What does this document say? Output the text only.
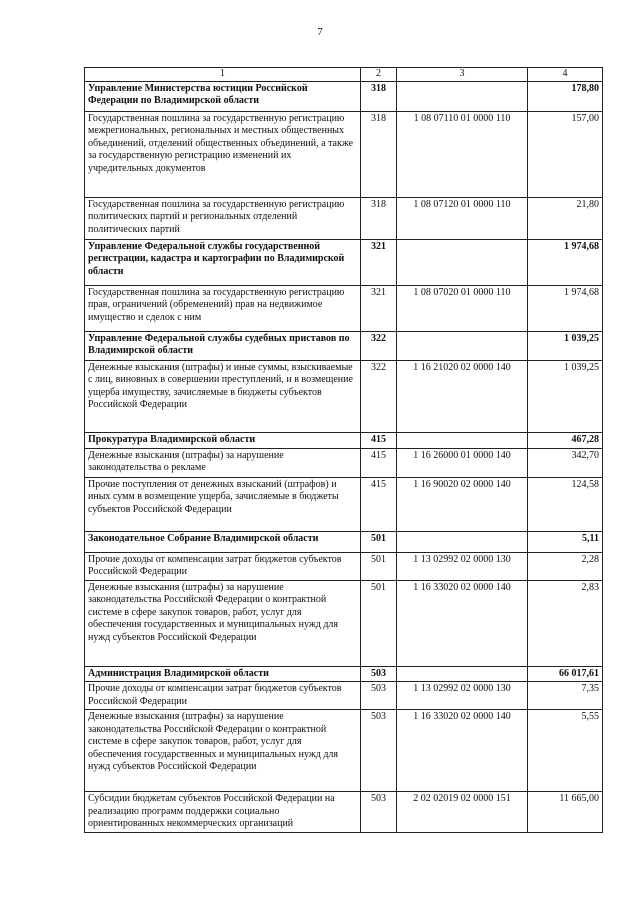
7
1	2	3	4
Управление Министерства юстиции Российской Федерации по Владимирской области	318		178,80
Государственная пошлина за государственную регистрацию межрегиональных, региональных и местных общественных объединений, отделений общественных объединений, а также за государственную регистрацию изменений их учредительных документов	318	1 08 07110 01 0000 110	157,00
Государственная пошлина за государственную регистрацию политических партий и региональных отделений политических партий	318	1 08 07120 01 0000 110	21,80
Управление Федеральной службы государственной регистрации, кадастра и картографии по Владимирской области	321		1 974,68
Государственная пошлина за государственную регистрацию прав, ограничений (обременений) прав на недвижимое имущество и сделок с ним	321	1 08 07020 01 0000 110	1 974,68
Управление Федеральной службы судебных приставов по Владимирской области	322		1 039,25
Денежные взыскания (штрафы) и иные суммы, взыскиваемые с лиц, виновных в совершении преступлений, и в возмещение ущерба имуществу, зачисляемые в бюджеты субъектов Российской Федерации	322	1 16 21020 02 0000 140	1 039,25
Прокуратура Владимирской области	415		467,28
Денежные взыскания (штрафы) за нарушение законодательства о рекламе	415	1 16 26000 01 0000 140	342,70
Прочие поступления от денежных взысканий (штрафов) и иных сумм в возмещение ущерба, зачисляемые в бюджеты субъектов Российской Федерации	415	1 16 90020 02 0000 140	124,58
Законодательное Собрание Владимирской области	501		5,11
Прочие доходы от компенсации затрат бюджетов субъектов Российской Федерации	501	1 13 02992 02 0000 130	2,28
Денежные взыскания (штрафы) за нарушение законодательства Российской Федерации о контрактной системе в сфере закупок товаров, работ, услуг для обеспечения государственных и муниципальных нужд для нужд субъектов Российской Федерации	501	1 16 33020 02 0000 140	2,83
Администрация Владимирской области	503		66 017,61
Прочие доходы от компенсации затрат бюджетов субъектов Российской Федерации	503	1 13 02992 02 0000 130	7,35
Денежные взыскания (штрафы) за нарушение законодательства Российской Федерации о контрактной системе в сфере закупок товаров, работ, услуг для обеспечения государственных и муниципальных нужд для нужд субъектов Российской Федерации	503	1 16 33020 02 0000 140	5,55
Субсидии бюджетам субъектов Российской Федерации на реализацию программ поддержки социально ориентированных некоммерческих организаций	503	2 02 02019 02 0000 151	11 665,00
